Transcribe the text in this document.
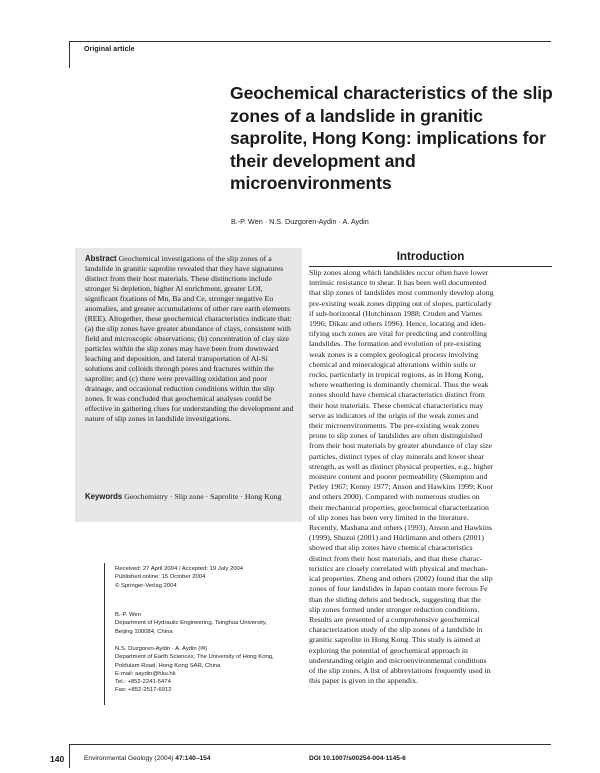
Original article
Geochemical characteristics of the slip zones of a landslide in granitic saprolite, Hong Kong: implications for their development and microenvironments
B.-P. Wen · N.S. Duzgoren-Aydin · A. Aydin

Abstract Geochemical investigations of the slip zones of a landslide in granitic saprolite revealed that they have signatures distinct from their host materials. These distinctions include stronger Si depletion, higher Al enrichment, greater LOI, significant fixations of Mn, Ba and Ce, stronger negative Eu anomalies, and greater accumulations of other rare earth elements (REE). Altogether, these geochemical characteristics indicate that: (a) the slip zones have greater abundance of clays, consistent with field and microscopic observations; (b) concentration of clay size particles within the slip zones may have been from downward leaching and deposition, and lateral transportation of Al-Si solutions and colloids through pores and fractures within the saprolite; and (c) there were prevailing oxidation and poor drainage, and occasional reduction conditions within the slip zones. It was concluded that geochemical analyses could be effective in gathering clues for understanding the development and nature of slip zones in landslide investigations.

Keywords Geochemistry · Slip zone · Saprolite · Hong Kong

Received: 27 April 2004 / Accepted: 19 July 2004
Published online: 15 October 2004
© Springer-Verlag 2004
B.-P. Wen
Department of Hydraulic Engineering, Tsinghua University,
Beijing 100084, China
N.S. Duzgoren-Aydin · A. Aydin (✉)
Department of Earth Sciences, The University of Hong Kong,
Pokfulam Road, Hong Kong SAR, China
E-mail: aaydin@hku.hk
Tel.: +852-2241-5474
Fax: +852-2517-6912
Introduction
Slip zones along which landslides occur often have lower
intrinsic resistance to shear. It has been well documented
that slip zones of landslides most commonly develop along
pre-existing weak zones dipping out of slopes, particularly
if sub-horizontal (Hutchinson 1988; Cruden and Varnes
1996; Dikau and others 1996). Hence, locating and iden-
tifying such zones are vital for predicting and controlling
landslides. The formation and evolution of pre-existing
weak zones is a complex geological process involving
chemical and mineralogical alterations within soils or
rocks, particularly in tropical regions, as in Hong Kong,
where weathering is dominantly chemical. Thus the weak
zones should have chemical characteristics distinct from
their host materials. These chemical characteristics may
serve as indicators of the origin of the weak zones and
their microenvironments. The pre-existing weak zones
prone to slip zones of landslides are often distinguished
from their host materials by greater abundance of clay size
particles, distinct types of clay minerals and lower shear
strength, as well as distinct physical properties, e.g., higher
moisture content and poorer permeability (Skempton and
Petley 1967; Kenny 1977; Anson and Hawkins 1999; Koor
and others 2000). Compared with numerous studies on
their mechanical properties, geochemical characterization
of slip zones has been very limited in the literature.
Recently, Mashana and others (1993), Anson and Hawkins
(1999), Shuzui (2001) and Hürlimann and others (2001)
showed that slip zones have chemical characteristics
distinct from their host materials, and that these charac-
teristics are closely correlated with physical and mechan-
ical properties. Zheng and others (2002) found that the slip
zones of four landslides in Japan contain more ferrous Fe
than the sliding debris and bedrock, suggesting that the
slip zones formed under stronger reduction conditions.
Results are presented of a comprehensive geochemical
characterization study of the slip zones of a landslide in
granitic saprolite in Hong Kong. This study is aimed at
exploring the potential of geochemical approach in
understanding origin and microenvironmental conditions
of the slip zones. A list of abbreviations frequently used in
this paper is given in the appendix.
140	Environmental Geology (2004) 47:140–154	DOI 10.1007/s00254-004-1145-6
